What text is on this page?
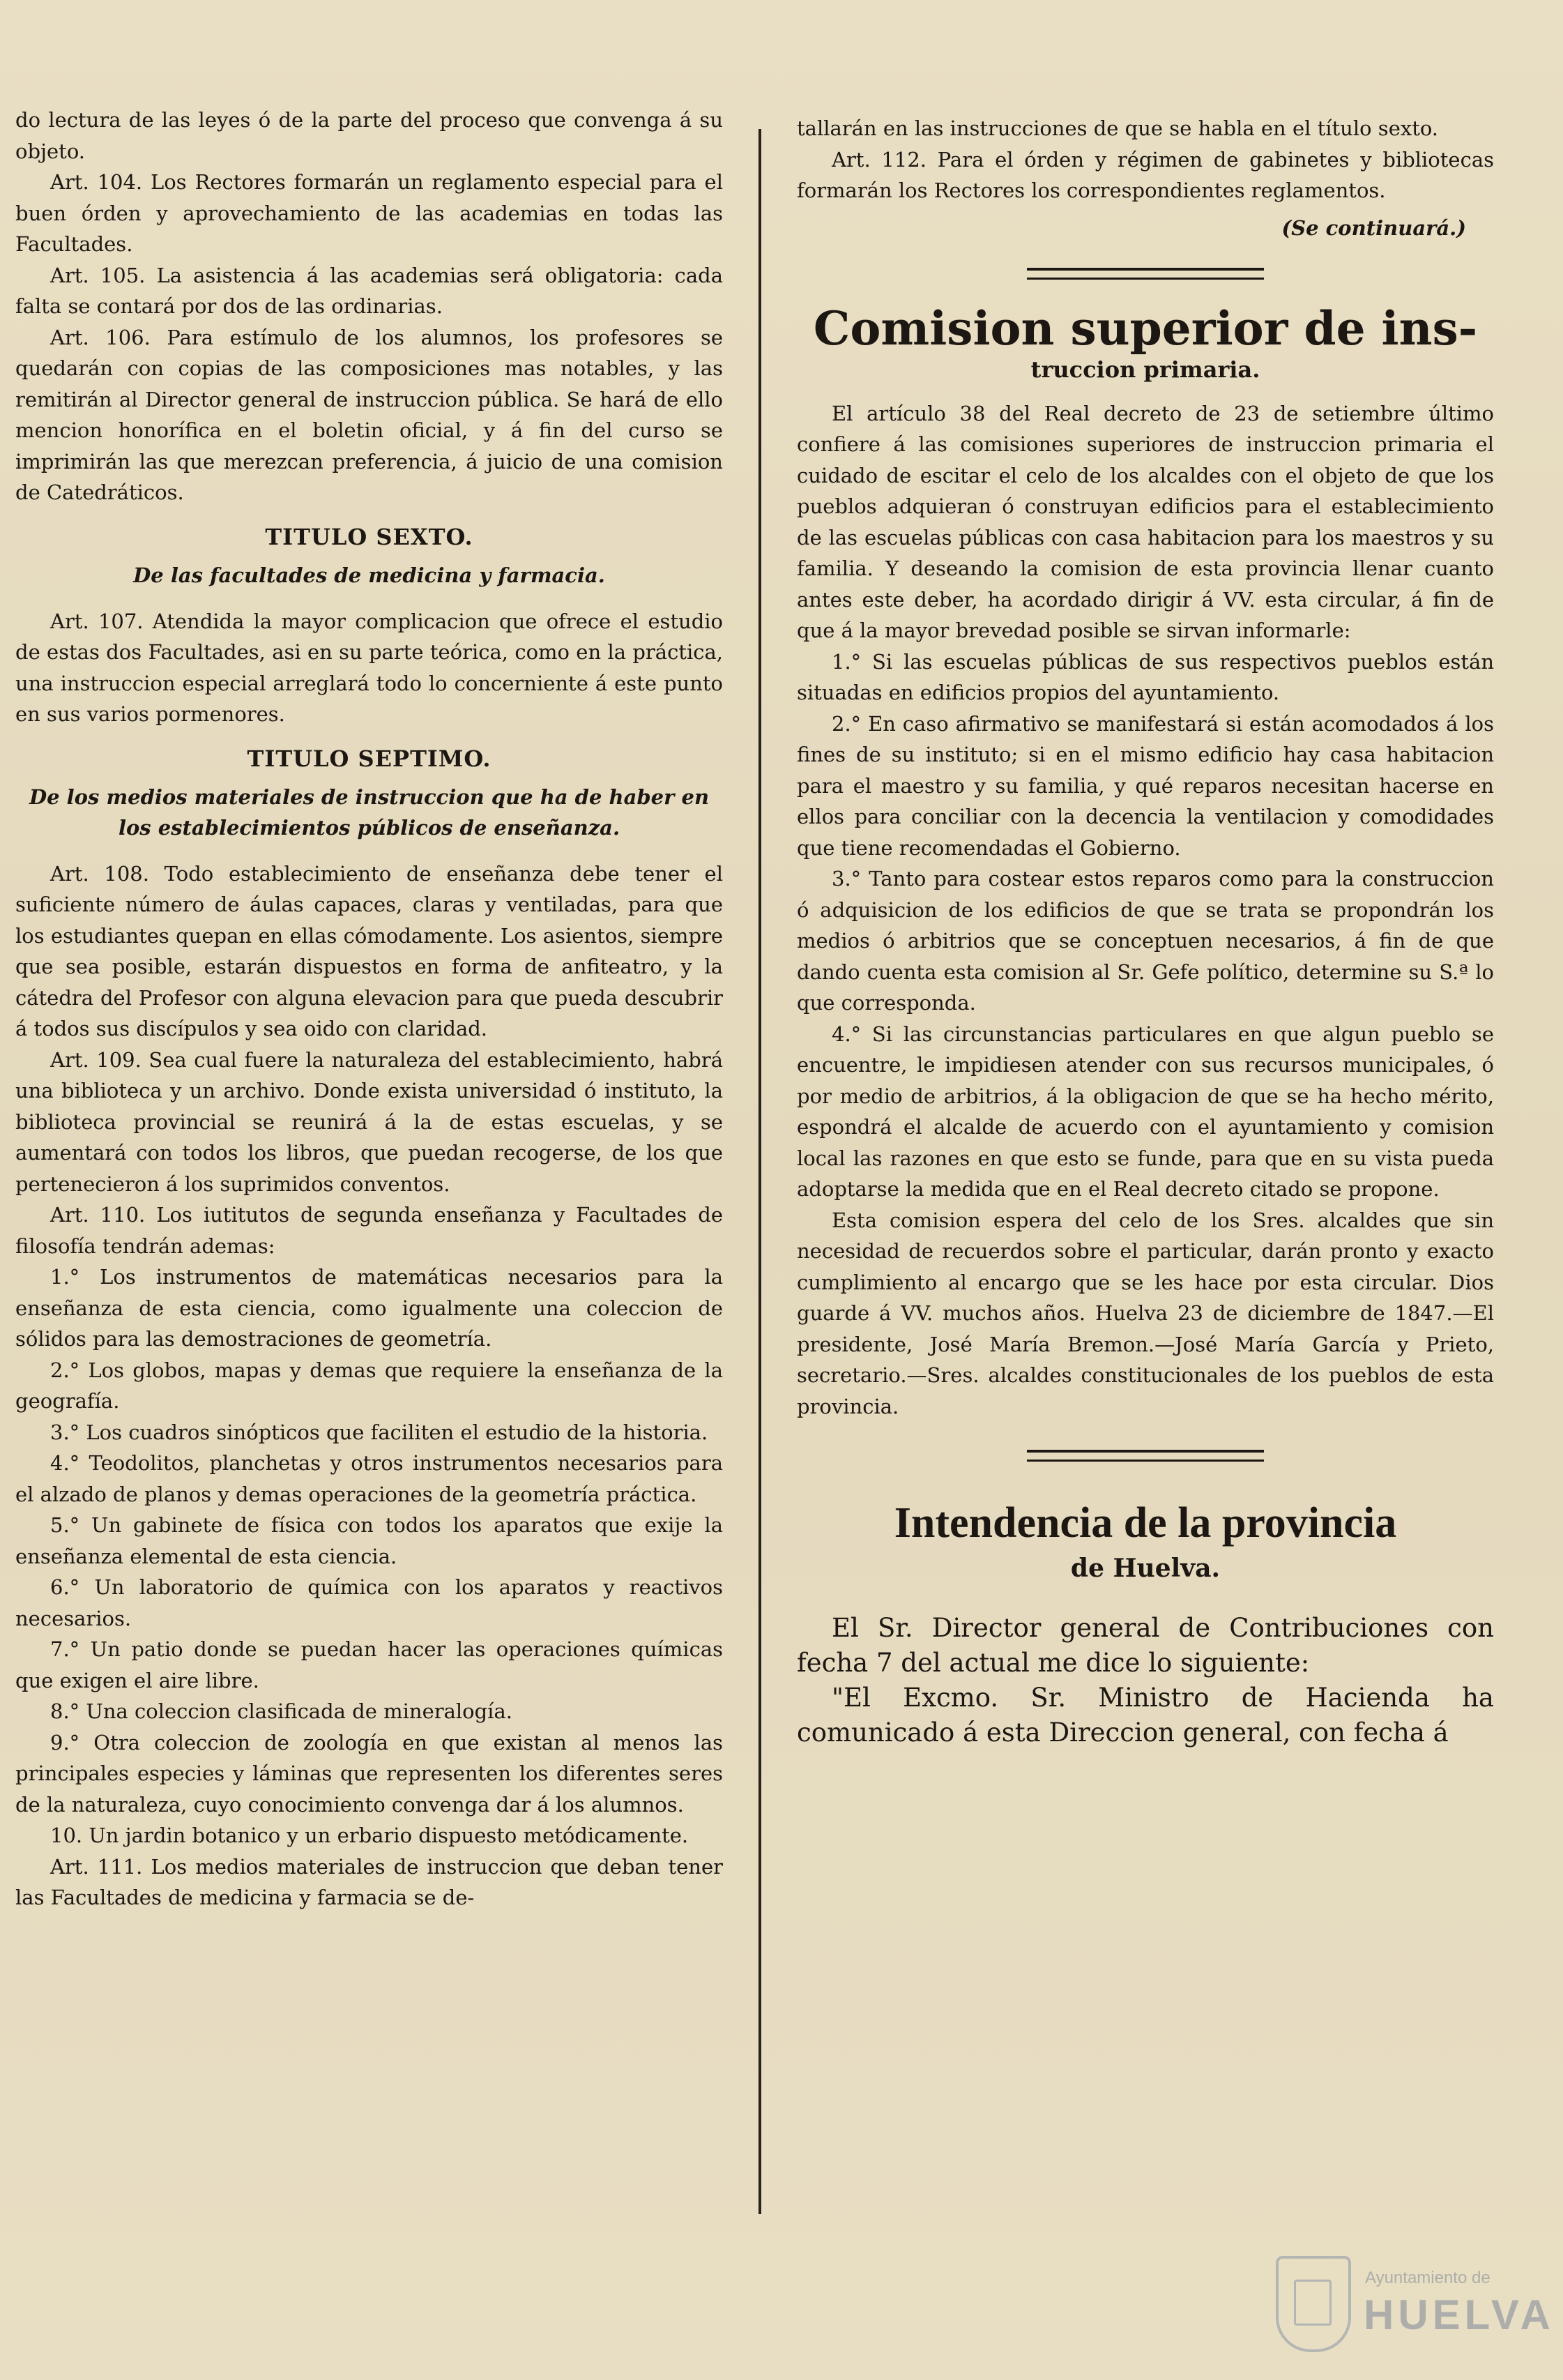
do lectura de las leyes ó de la parte del proceso que convenga á su objeto.

Art. 104. Los Rectores formarán un reglamento especial para el buen órden y aprovechamiento de las academias en todas las Facultades.

Art. 105. La asistencia á las academias será obligatoria: cada falta se contará por dos de las ordinarias.

Art. 106. Para estímulo de los alumnos, los profesores se quedarán con copias de las composiciones mas notables, y las remitirán al Director general de instruccion pública. Se hará de ello mencion honorífica en el boletin oficial, y á fin del curso se imprimirán las que merezcan preferencia, á juicio de una comision de Catedráticos.

TITULO SEXTO.
De las facultades de medicina y farmacia.

Art. 107. Atendida la mayor complicacion que ofrece el estudio de estas dos Facultades, asi en su parte teórica, como en la práctica, una instruccion especial arreglará todo lo concerniente á este punto en sus varios pormenores.

TITULO SEPTIMO.
De los medios materiales de instruccion que ha de haber en los establecimientos públicos de enseñanza.

Art. 108. Todo establecimiento de enseñanza debe tener el suficiente número de áulas capaces, claras y ventiladas, para que los estudiantes quepan en ellas cómodamente. Los asientos, siempre que sea posible, estarán dispuestos en forma de anfiteatro, y la cátedra del Profesor con alguna elevacion para que pueda descubrir á todos sus discípulos y sea oido con claridad.

Art. 109. Sea cual fuere la naturaleza del establecimiento, habrá una biblioteca y un archivo. Donde exista universidad ó instituto, la biblioteca provincial se reunirá á la de estas escuelas, y se aumentará con todos los libros, que puedan recogerse, de los que pertenecieron á los suprimidos conventos.

Art. 110. Los iutitutos de segunda enseñanza y Facultades de filosofía tendrán ademas:

1.° Los instrumentos de matemáticas necesarios para la enseñanza de esta ciencia, como igualmente una coleccion de sólidos para las demostraciones de geometría.

2.° Los globos, mapas y demas que requiere la enseñanza de la geografía.

3.° Los cuadros sinópticos que faciliten el estudio de la historia.

4.° Teodolitos, planchetas y otros instrumentos necesarios para el alzado de planos y demas operaciones de la geometría práctica.

5.° Un gabinete de física con todos los aparatos que exije la enseñanza elemental de esta ciencia.

6.° Un laboratorio de química con los aparatos y reactivos necesarios.

7.° Un patio donde se puedan hacer las operaciones químicas que exigen el aire libre.

8.° Una coleccion clasificada de mineralogía.

9.° Otra coleccion de zoología en que existan al menos las principales especies y láminas que representen los diferentes seres de la naturaleza, cuyo conocimiento convenga dar á los alumnos.

10. Un jardin botanico y un erbario dispuesto metódicamente.

Art. 111. Los medios materiales de instruccion que deban tener las Facultades de medicina y farmacia se de-

tallarán en las instrucciones de que se habla en el título sexto.

Art. 112. Para el órden y régimen de gabinetes y bibliotecas formarán los Rectores los correspondientes reglamentos.

(Se continuará.)
Comision superior de ins-
truccion primaria.

El artículo 38 del Real decreto de 23 de setiembre último confiere á las comisiones superiores de instruccion primaria el cuidado de escitar el celo de los alcaldes con el objeto de que los pueblos adquieran ó construyan edificios para el establecimiento de las escuelas públicas con casa habitacion para los maestros y su familia. Y deseando la comision de esta provincia llenar cuanto antes este deber, ha acordado dirigir á VV. esta circular, á fin de que á la mayor brevedad posible se sirvan informarle:

1.° Si las escuelas públicas de sus respectivos pueblos están situadas en edificios propios del ayuntamiento.

2.° En caso afirmativo se manifestará si están acomodados á los fines de su instituto; si en el mismo edificio hay casa habitacion para el maestro y su familia, y qué reparos necesitan hacerse en ellos para conciliar con la decencia la ventilacion y comodidades que tiene recomendadas el Gobierno.

3.° Tanto para costear estos reparos como para la construccion ó adquisicion de los edificios de que se trata se propondrán los medios ó arbitrios que se conceptuen necesarios, á fin de que dando cuenta esta comision al Sr. Gefe político, determine su S.ª lo que corresponda.

4.° Si las circunstancias particulares en que algun pueblo se encuentre, le impidiesen atender con sus recursos municipales, ó por medio de arbitrios, á la obligacion de que se ha hecho mérito, espondrá el alcalde de acuerdo con el ayuntamiento y comision local las razones en que esto se funde, para que en su vista pueda adoptarse la medida que en el Real decreto citado se propone.

Esta comision espera del celo de los Sres. alcaldes que sin necesidad de recuerdos sobre el particular, darán pronto y exacto cumplimiento al encargo que se les hace por esta circular. Dios guarde á VV. muchos años. Huelva 23 de diciembre de 1847.—El presidente, José María Bremon.—José María García y Prieto, secretario.—Sres. alcaldes constitucionales de los pueblos de esta provincia.

Intendencia de la provincia
de Huelva.

El Sr. Director general de Contribuciones con fecha 7 del actual me dice lo siguiente:

"El Excmo. Sr. Ministro de Hacienda ha comunicado á esta Direccion general, con fecha á

Ayuntamiento de
HUELVA
